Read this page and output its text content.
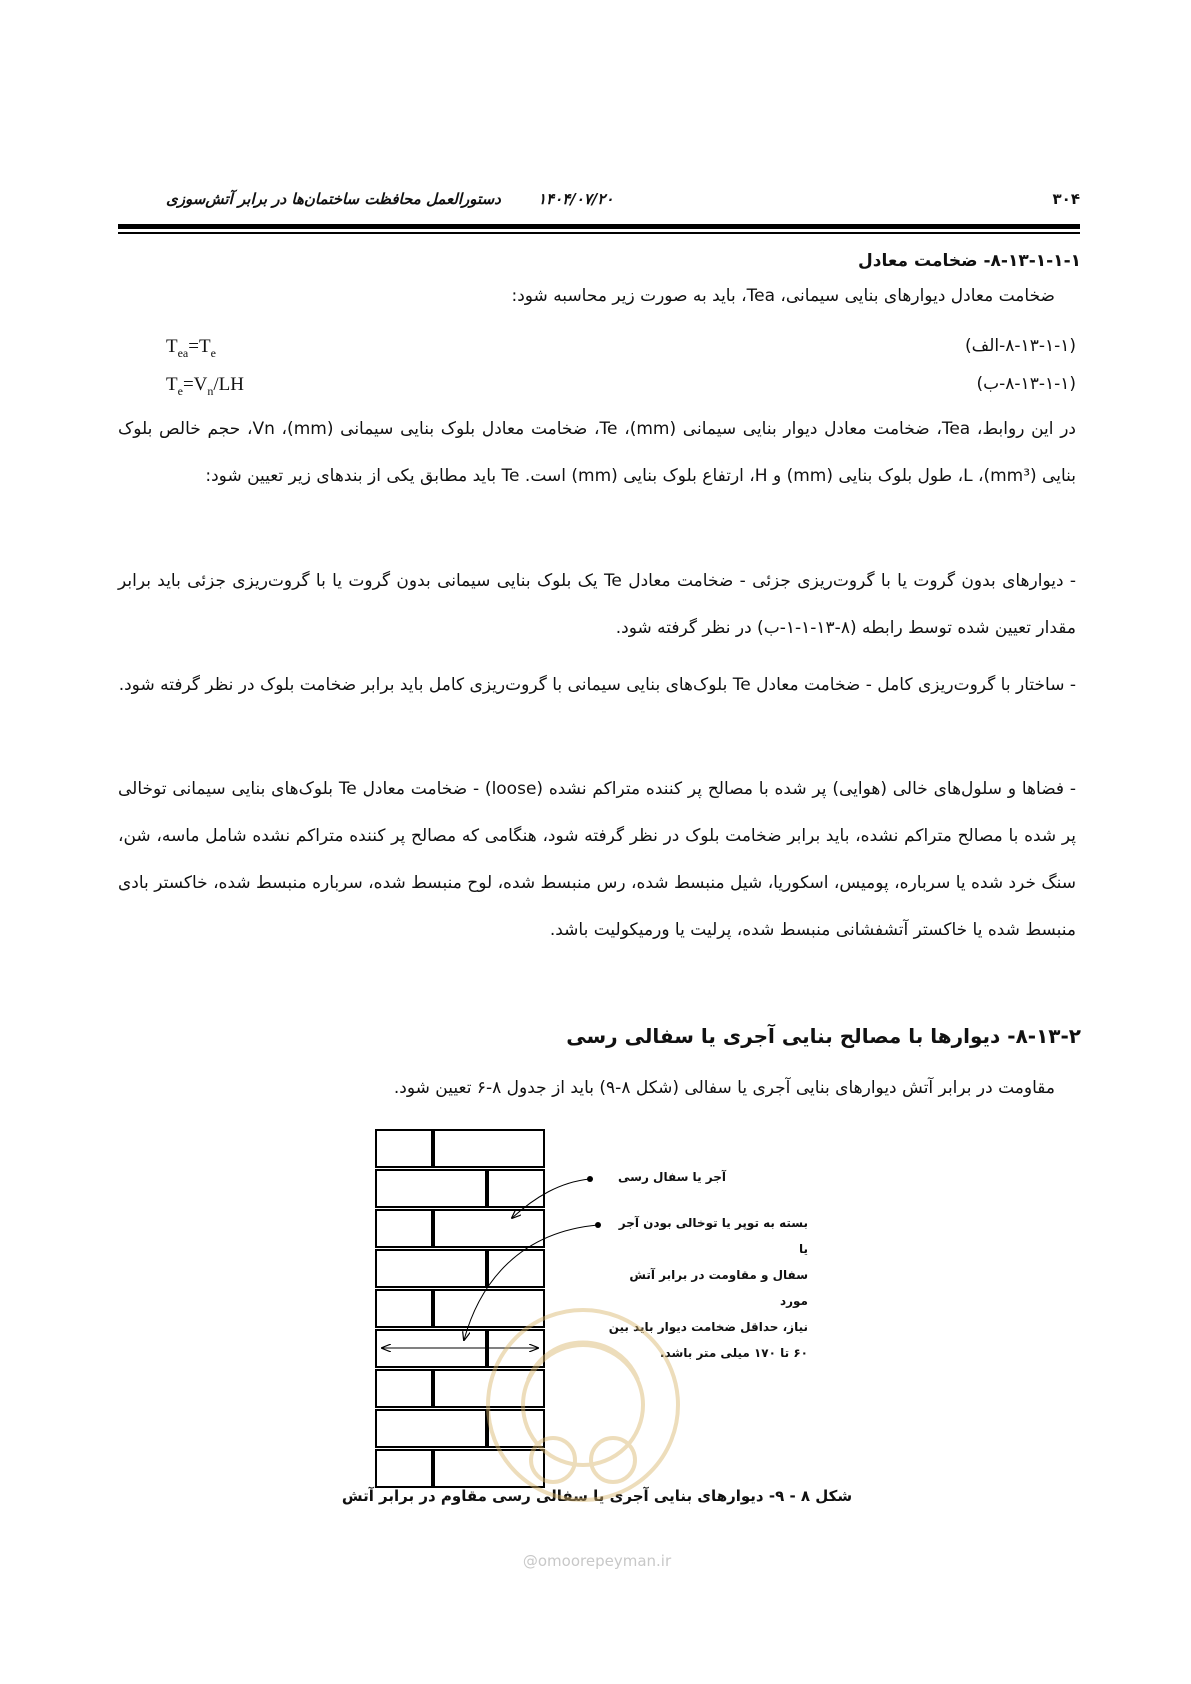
۳۰۴
۱۴۰۴/۰۷/۲۰
دستورالعمل محافظت ساختمان‌ها در برابر آتش‌سوزی
۸-۱۳-۱-۱-۱- ضخامت معادل
ضخامت معادل دیوارهای بنایی سیمانی، Tea، باید به صورت زیر محاسبه شود:
(۸-۱۳-۱-۱-الف)
$T_{ea}=T_e$
(۸-۱۳-۱-۱-ب)
$T_e=V_n/LH$
در این روابط، Tea، ضخامت معادل دیوار بنایی سیمانی (mm)، Te، ضخامت معادل بلوک بنایی سیمانی (mm)، Vn، حجم خالص بلوک بنایی (mm³)، L، طول بلوک بنایی (mm) و H، ارتفاع بلوک بنایی (mm) است. Te باید مطابق یکی از بندهای زیر تعیین شود:
- دیوارهای بدون گروت یا با گروت‌ریزی جزئی - ضخامت معادل Te یک بلوک بنایی سیمانی بدون گروت یا با گروت‌ریزی جزئی باید برابر مقدار تعیین شده توسط رابطه (۸-۱۳-۱-۱-ب) در نظر گرفته شود.
- ساختار با گروت‌ریزی کامل - ضخامت معادل Te بلوک‌های بنایی سیمانی با گروت‌ریزی کامل باید برابر ضخامت بلوک در نظر گرفته شود.
- فضاها و سلول‌های خالی (هوایی) پر شده با مصالح پر کننده متراکم نشده (loose) - ضخامت معادل Te بلوک‌های بنایی سیمانی توخالی پر شده با مصالح متراکم نشده، باید برابر ضخامت بلوک در نظر گرفته شود، هنگامی که مصالح پر کننده متراکم نشده شامل ماسه، شن، سنگ خرد شده یا سرباره، پومیس، اسکوریا، شیل منبسط شده، رس منبسط شده، لوح منبسط شده، سرباره منبسط شده، خاکستر بادی منبسط شده یا خاکستر آتشفشانی منبسط شده، پرلیت یا ورمیکولیت باشد.
۸-۱۳-۲- دیوارها با مصالح بنایی آجری یا سفالی رسی
مقاومت در برابر آتش دیوارهای بنایی آجری یا سفالی (شکل ۸-۹) باید از جدول ۸-۶ تعیین شود.
آجر یا سفال رسی
بسته به توپر یا توخالی بودن آجر یا
سفال و مقاومت در برابر آتش مورد
نیاز، حداقل ضخامت دیوار باید بین
۶۰ تا ۱۷۰ میلی متر باشد.
شکل ۸ - ۹- دیوارهای بنایی آجری یا سفالی رسی مقاوم در برابر آتش
@omoorepeyman.ir
